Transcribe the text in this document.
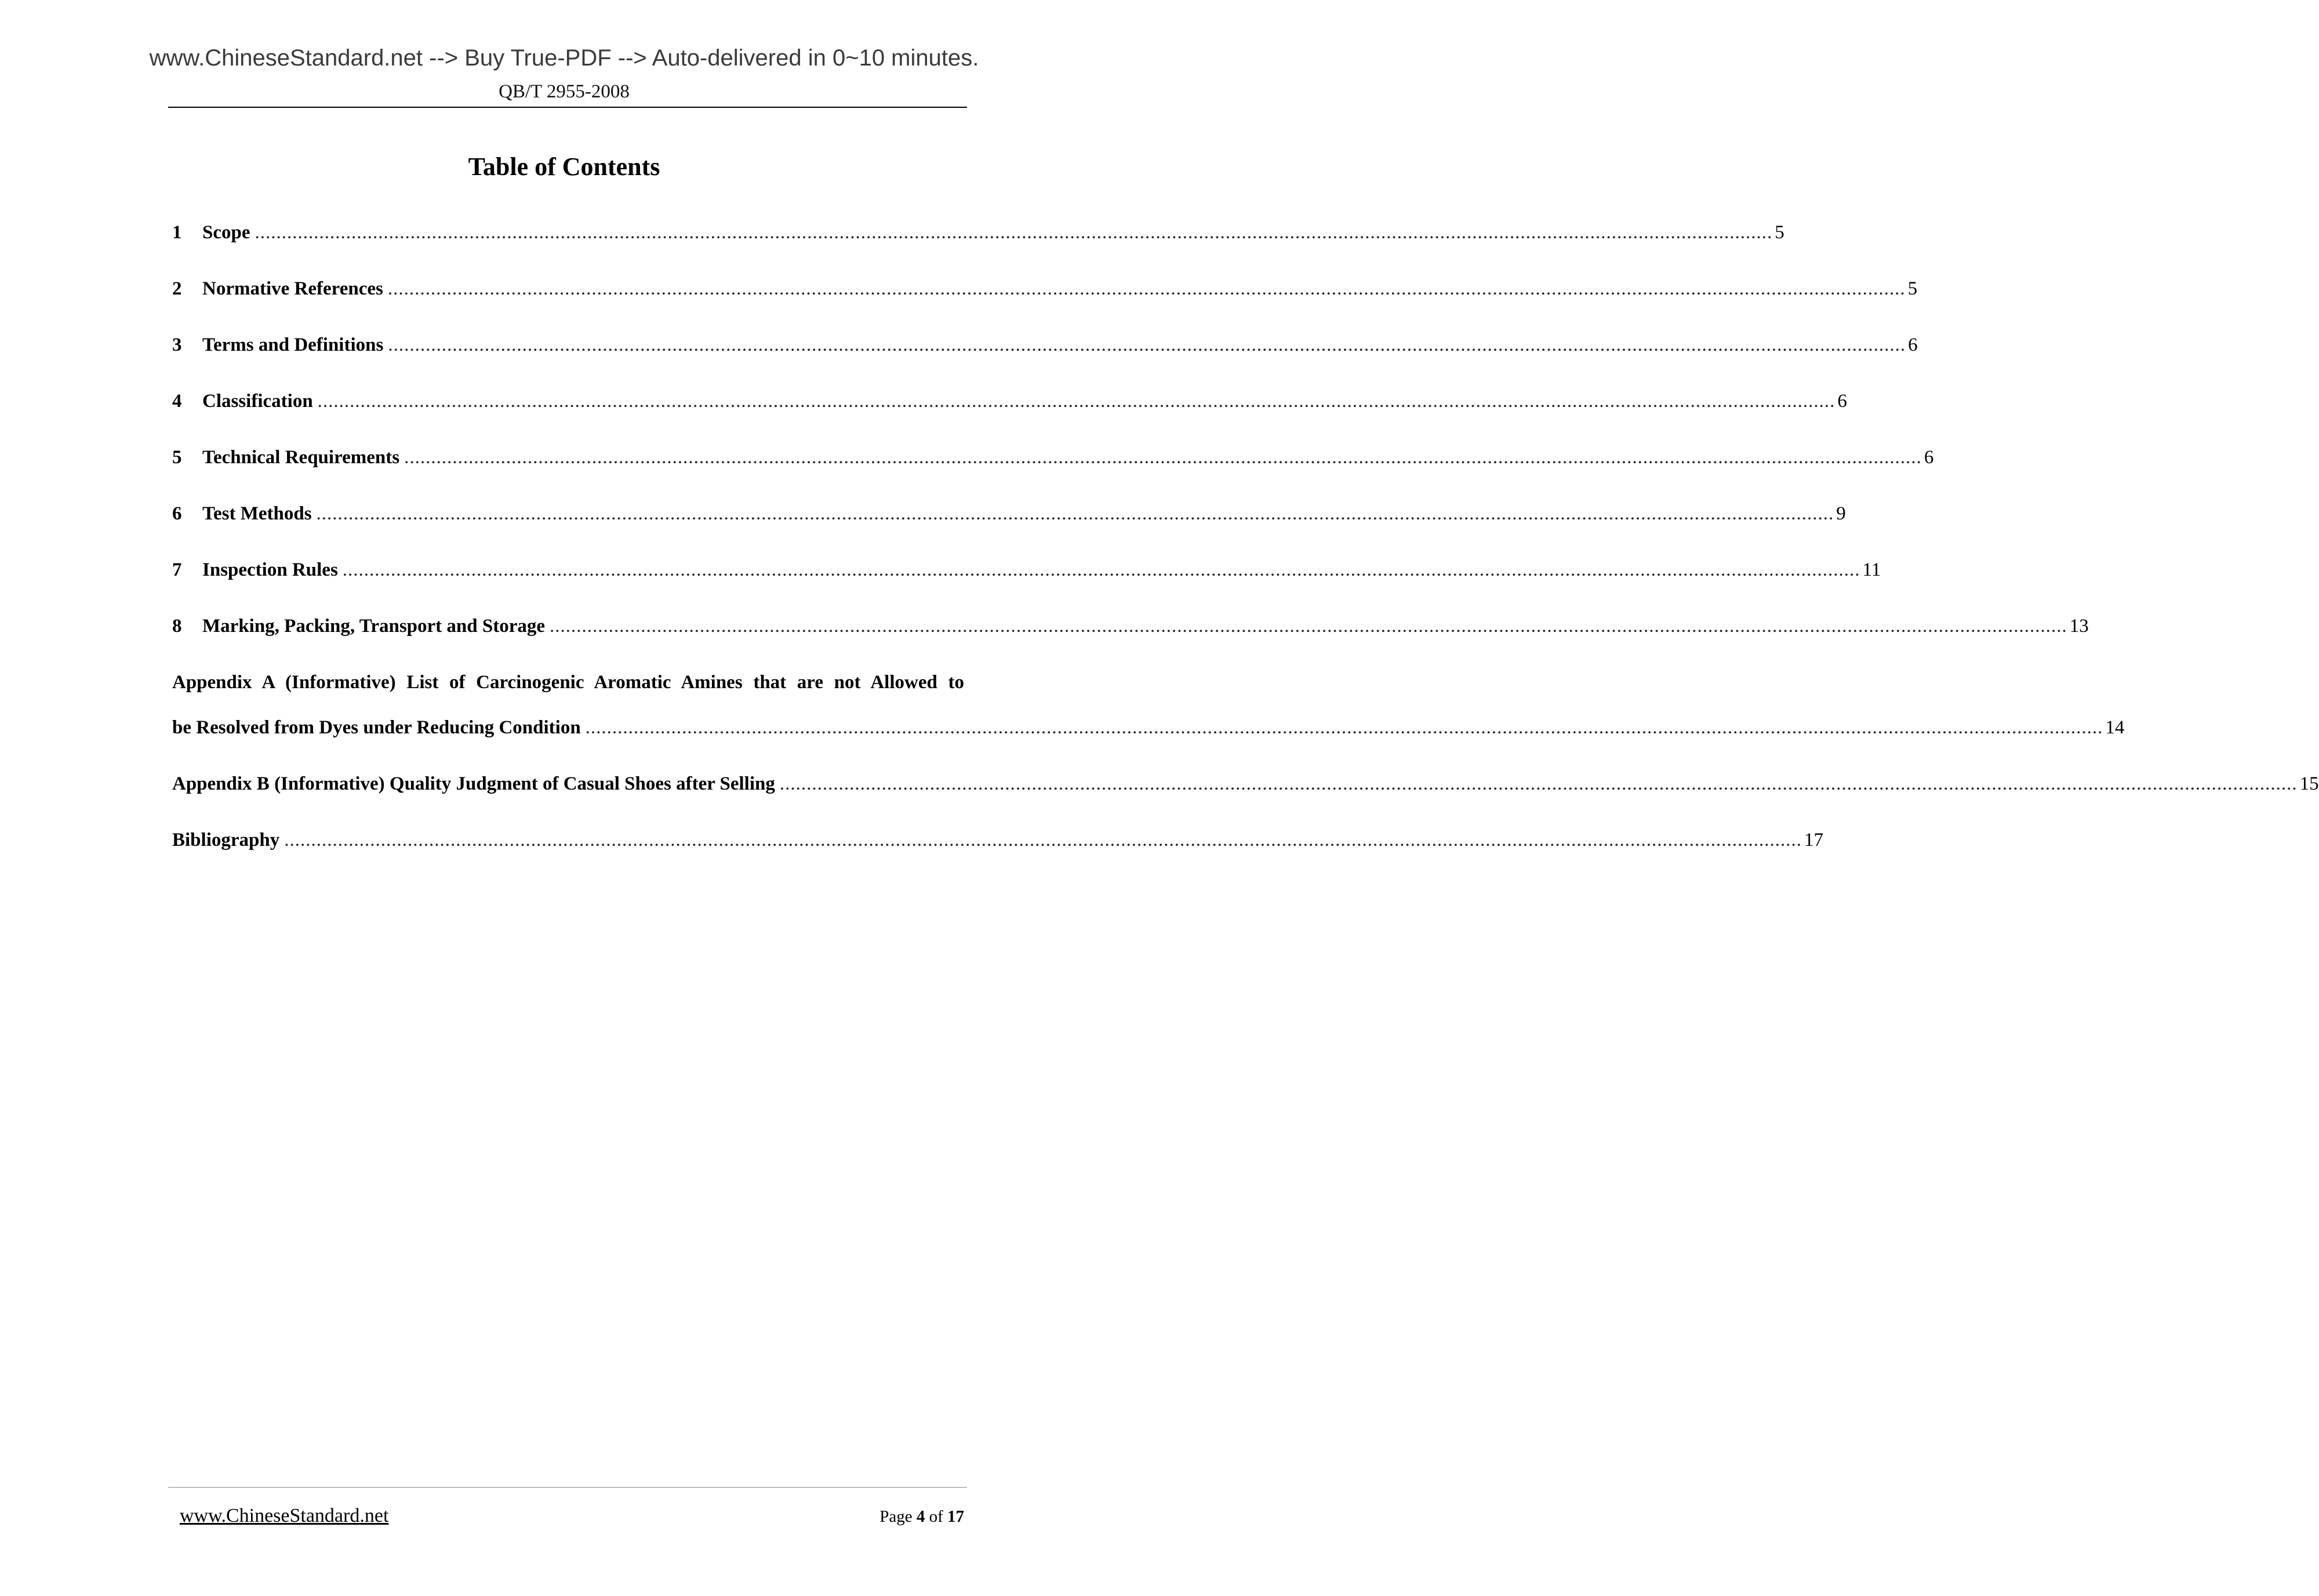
www.ChineseStandard.net --> Buy True-PDF --> Auto-delivered in 0~10 minutes.
QB/T 2955-2008
Table of Contents
1	Scope ........................................................................................................................................................................................................................................................................................... 5
2	Normative References ........................................................................................................................................................................................................................................................................................... 5
3	Terms and Definitions ........................................................................................................................................................................................................................................................................................... 6
4	Classification ........................................................................................................................................................................................................................................................................................... 6
5	Technical Requirements ........................................................................................................................................................................................................................................................................................... 6
6	Test Methods ........................................................................................................................................................................................................................................................................................... 9
7	Inspection Rules ........................................................................................................................................................................................................................................................................................... 11
8	Marking, Packing, Transport and Storage ........................................................................................................................................................................................................................................................................................... 13
Appendix A (Informative) List of Carcinogenic Aromatic Amines that are not Allowed to
be Resolved from Dyes under Reducing Condition ........................................................................................................................................................................................................................................................................................... 14
Appendix B (Informative) Quality Judgment of Casual Shoes after Selling ........................................................................................................................................................................................................................................................................................... 15
Bibliography ........................................................................................................................................................................................................................................................................................... 17
www.ChineseStandard.net	Page 4 of 17
